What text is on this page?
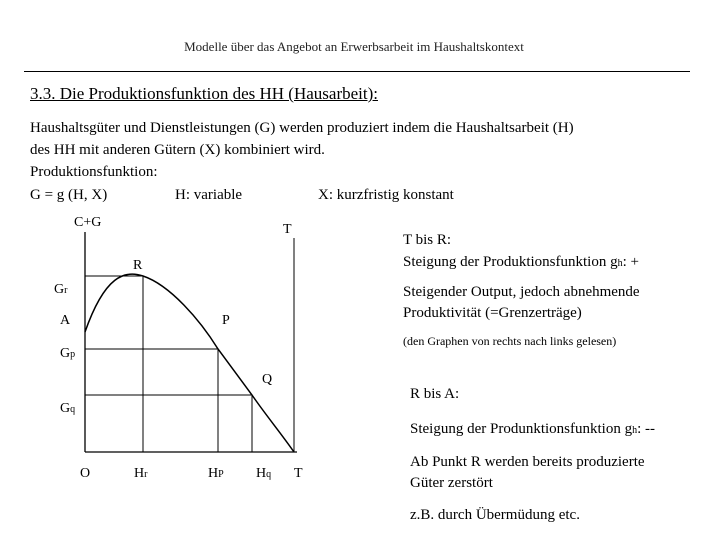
Modelle über das Angebot an Erwerbsarbeit im Haushaltskontext
3.3. Die Produktionsfunktion des HH (Hausarbeit):
Haushaltsgüter und Dienstleistungen (G) werden produziert indem die Haushaltsarbeit (H)
des HH mit anderen Gütern (X) kombiniert wird.
Produktionsfunktion:
G = g (H, X)	H: variable	X: kurzfristig konstant
C+G	T
R
P
Q
Gr
A
Gp
Gq
O	Hr	HP Hq T
T bis R:
Steigung der Produktionsfunktion gh: +
Steigender Output, jedoch abnehmende
Produktivität (=Grenzerträge)
(den Graphen von rechts nach links gelesen)
R bis A:
Steigung der Produnktionsfunktion gh: --
Ab Punkt R werden bereits produzierte
Güter zerstört
z.B. durch Übermüdung etc.
